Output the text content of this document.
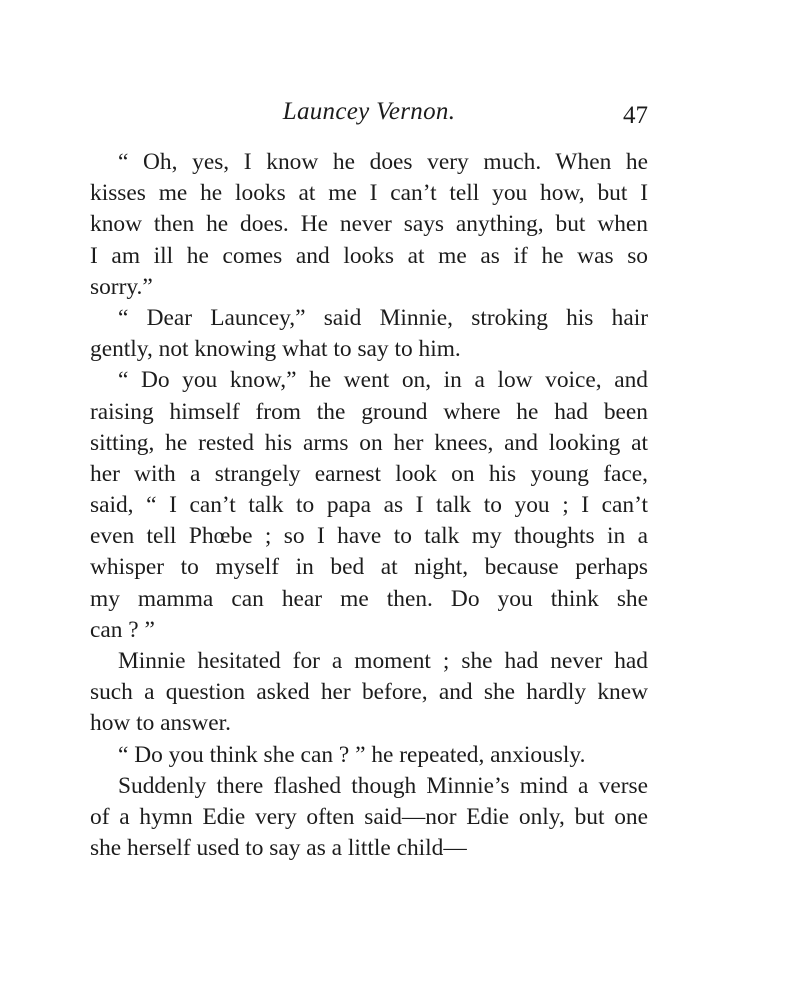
Launcey Vernon.	47
“ Oh, yes, I know he does very much. When he
kisses me he looks at me I can’t tell you how, but I
know then he does. He never says anything, but when
I am ill he comes and looks at me as if he was so
sorry.”
“ Dear Launcey,” said Minnie, stroking his hair
gently, not knowing what to say to him.
“ Do you know,” he went on, in a low voice, and
raising himself from the ground where he had been
sitting, he rested his arms on her knees, and looking at
her with a strangely earnest look on his young face,
said, “ I can’t talk to papa as I talk to you ; I can’t
even tell Phœbe ; so I have to talk my thoughts in a
whisper to myself in bed at night, because perhaps
my mamma can hear me then. Do you think she
can ? ”
Minnie hesitated for a moment ; she had never had
such a question asked her before, and she hardly knew
how to answer.
“ Do you think she can ? ” he repeated, anxiously.
Suddenly there flashed though Minnie’s mind a verse
of a hymn Edie very often said—nor Edie only, but one
she herself used to say as a little child—
